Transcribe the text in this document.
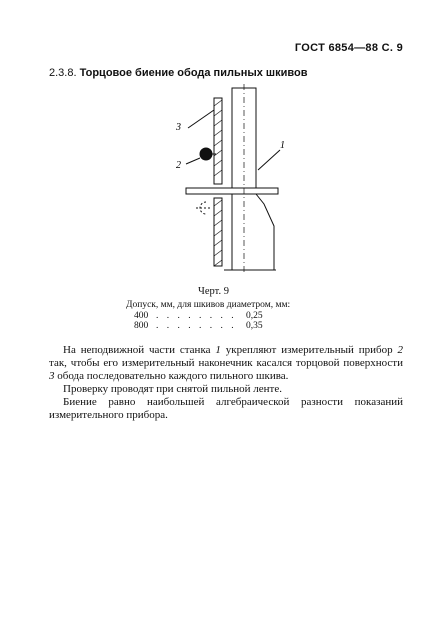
ГОСТ 6854—88 С. 9
2.3.8. Торцовое биение обода пильных шкивов
1
2
3
Черт. 9
Допуск, мм, для шкивов диаметром, мм:
400 . . . . . . . . 0,25
800 . . . . . . . . 0,35

На неподвижной части станка 1 укрепляют измерительный прибор 2 так, чтобы его измерительный наконечник касался торцовой поверхности 3 обода последовательно каждого пильного шкива.

Проверку проводят при снятой пильной ленте.

Биение равно наибольшей алгебраической разности показаний измерительного прибора.
